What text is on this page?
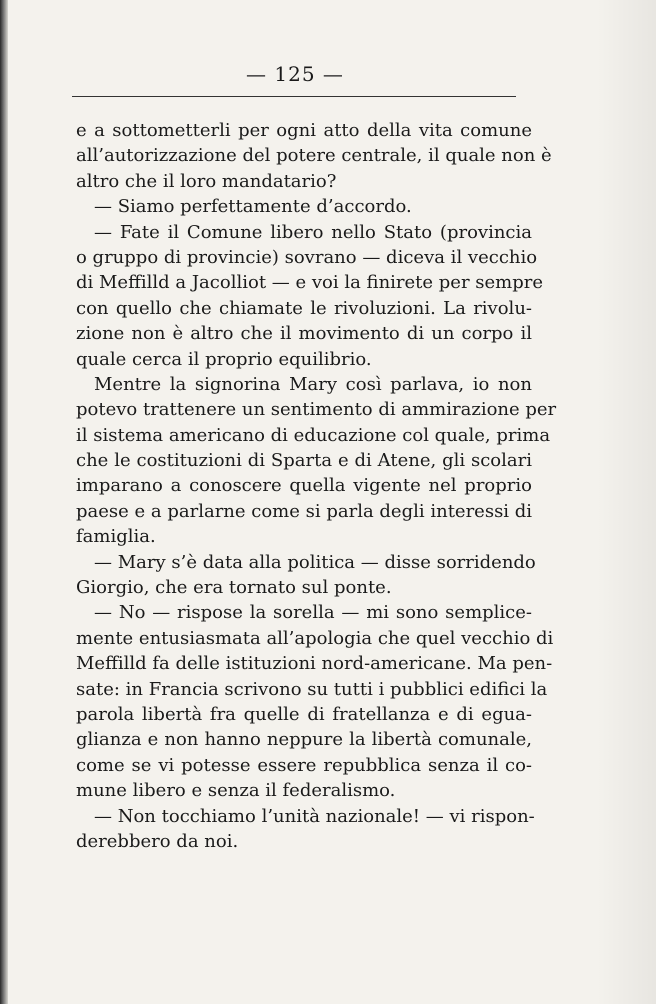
— 125 —
e a sottometterli per ogni atto della vita comune
all’autorizzazione del potere centrale, il quale non è
altro che il loro mandatario?
— Siamo perfettamente d’accordo.
— Fate il Comune libero nello Stato (provincia
o gruppo di provincie) sovrano — diceva il vecchio
di Meffilld a Jacolliot — e voi la finirete per sempre
con quello che chiamate le rivoluzioni. La rivolu-
zione non è altro che il movimento di un corpo il
quale cerca il proprio equilibrio.
Mentre la signorina Mary così parlava, io non
potevo trattenere un sentimento di ammirazione per
il sistema americano di educazione col quale, prima
che le costituzioni di Sparta e di Atene, gli scolari
imparano a conoscere quella vigente nel proprio
paese e a parlarne come si parla degli interessi di
famiglia.
— Mary s’è data alla politica — disse sorridendo
Giorgio, che era tornato sul ponte.
— No — rispose la sorella — mi sono semplice-
mente entusiasmata all’apologia che quel vecchio di
Meffilld fa delle istituzioni nord-americane. Ma pen-
sate: in Francia scrivono su tutti i pubblici edifici la
parola libertà fra quelle di fratellanza e di egua-
glianza e non hanno neppure la libertà comunale,
come se vi potesse essere repubblica senza il co-
mune libero e senza il federalismo.
— Non tocchiamo l’unità nazionale! — vi rispon-
derebbero da noi.
